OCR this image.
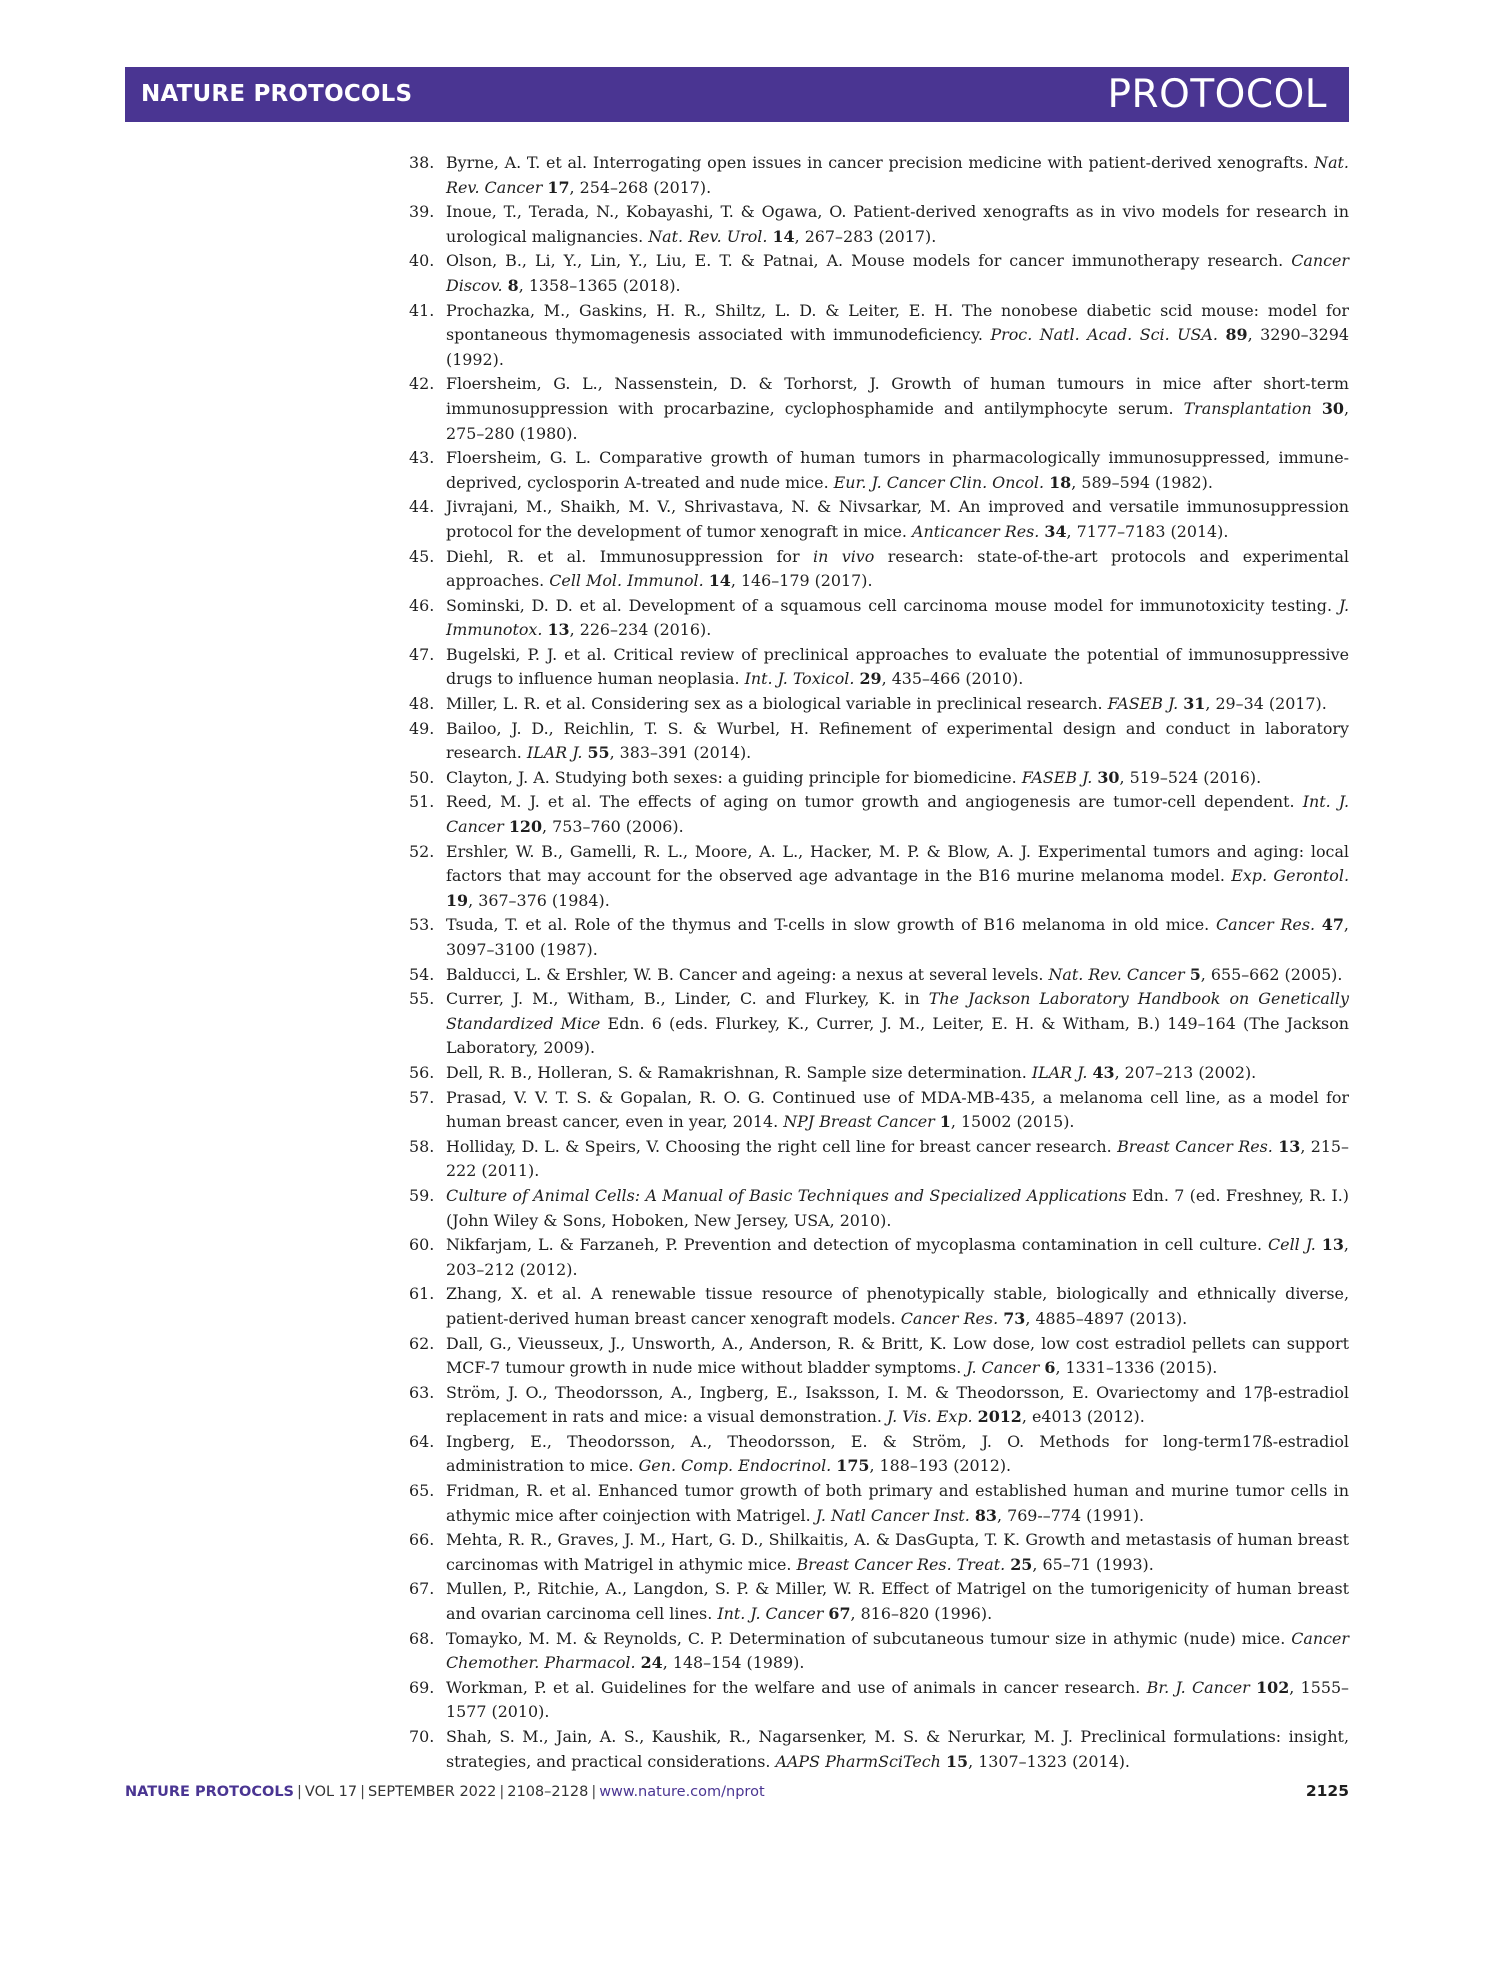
NATURE PROTOCOLS	PROTOCOL
38. Byrne, A. T. et al. Interrogating open issues in cancer precision medicine with patient-derived xenografts. Nat. Rev. Cancer 17, 254–268 (2017).
39. Inoue, T., Terada, N., Kobayashi, T. & Ogawa, O. Patient-derived xenografts as in vivo models for research in urological malignancies. Nat. Rev. Urol. 14, 267–283 (2017).
40. Olson, B., Li, Y., Lin, Y., Liu, E. T. & Patnai, A. Mouse models for cancer immunotherapy research. Cancer Discov. 8, 1358–1365 (2018).
41. Prochazka, M., Gaskins, H. R., Shiltz, L. D. & Leiter, E. H. The nonobese diabetic scid mouse: model for spontaneous thymomagenesis associated with immunodeficiency. Proc. Natl. Acad. Sci. USA. 89, 3290–3294 (1992).
42. Floersheim, G. L., Nassenstein, D. & Torhorst, J. Growth of human tumours in mice after short-term immunosuppression with procarbazine, cyclophosphamide and antilymphocyte serum. Transplantation 30, 275–280 (1980).
43. Floersheim, G. L. Comparative growth of human tumors in pharmacologically immunosuppressed, immune-deprived, cyclosporin A-treated and nude mice. Eur. J. Cancer Clin. Oncol. 18, 589–594 (1982).
44. Jivrajani, M., Shaikh, M. V., Shrivastava, N. & Nivsarkar, M. An improved and versatile immunosuppression protocol for the development of tumor xenograft in mice. Anticancer Res. 34, 7177–7183 (2014).
45. Diehl, R. et al. Immunosuppression for in vivo research: state-of-the-art protocols and experimental approaches. Cell Mol. Immunol. 14, 146–179 (2017).
46. Sominski, D. D. et al. Development of a squamous cell carcinoma mouse model for immunotoxicity testing. J. Immunotox. 13, 226–234 (2016).
47. Bugelski, P. J. et al. Critical review of preclinical approaches to evaluate the potential of immunosuppressive drugs to influence human neoplasia. Int. J. Toxicol. 29, 435–466 (2010).
48. Miller, L. R. et al. Considering sex as a biological variable in preclinical research. FASEB J. 31, 29–34 (2017).
49. Bailoo, J. D., Reichlin, T. S. & Wurbel, H. Refinement of experimental design and conduct in laboratory research. ILAR J. 55, 383–391 (2014).
50. Clayton, J. A. Studying both sexes: a guiding principle for biomedicine. FASEB J. 30, 519–524 (2016).
51. Reed, M. J. et al. The effects of aging on tumor growth and angiogenesis are tumor-cell dependent. Int. J. Cancer 120, 753–760 (2006).
52. Ershler, W. B., Gamelli, R. L., Moore, A. L., Hacker, M. P. & Blow, A. J. Experimental tumors and aging: local factors that may account for the observed age advantage in the B16 murine melanoma model. Exp. Gerontol. 19, 367–376 (1984).
53. Tsuda, T. et al. Role of the thymus and T-cells in slow growth of B16 melanoma in old mice. Cancer Res. 47, 3097–3100 (1987).
54. Balducci, L. & Ershler, W. B. Cancer and ageing: a nexus at several levels. Nat. Rev. Cancer 5, 655–662 (2005).
55. Currer, J. M., Witham, B., Linder, C. and Flurkey, K. in The Jackson Laboratory Handbook on Genetically Standardized Mice Edn. 6 (eds. Flurkey, K., Currer, J. M., Leiter, E. H. & Witham, B.) 149–164 (The Jackson Laboratory, 2009).
56. Dell, R. B., Holleran, S. & Ramakrishnan, R. Sample size determination. ILAR J. 43, 207–213 (2002).
57. Prasad, V. V. T. S. & Gopalan, R. O. G. Continued use of MDA-MB-435, a melanoma cell line, as a model for human breast cancer, even in year, 2014. NPJ Breast Cancer 1, 15002 (2015).
58. Holliday, D. L. & Speirs, V. Choosing the right cell line for breast cancer research. Breast Cancer Res. 13, 215–222 (2011).
59. Culture of Animal Cells: A Manual of Basic Techniques and Specialized Applications Edn. 7 (ed. Freshney, R. I.) (John Wiley & Sons, Hoboken, New Jersey, USA, 2010).
60. Nikfarjam, L. & Farzaneh, P. Prevention and detection of mycoplasma contamination in cell culture. Cell J. 13, 203–212 (2012).
61. Zhang, X. et al. A renewable tissue resource of phenotypically stable, biologically and ethnically diverse, patient-derived human breast cancer xenograft models. Cancer Res. 73, 4885–4897 (2013).
62. Dall, G., Vieusseux, J., Unsworth, A., Anderson, R. & Britt, K. Low dose, low cost estradiol pellets can support MCF-7 tumour growth in nude mice without bladder symptoms. J. Cancer 6, 1331–1336 (2015).
63. Ström, J. O., Theodorsson, A., Ingberg, E., Isaksson, I. M. & Theodorsson, E. Ovariectomy and 17β-estradiol replacement in rats and mice: a visual demonstration. J. Vis. Exp. 2012, e4013 (2012).
64. Ingberg, E., Theodorsson, A., Theodorsson, E. & Ström, J. O. Methods for long-term17ß-estradiol administration to mice. Gen. Comp. Endocrinol. 175, 188–193 (2012).
65. Fridman, R. et al. Enhanced tumor growth of both primary and established human and murine tumor cells in athymic mice after coinjection with Matrigel. J. Natl Cancer Inst. 83, 769-–774 (1991).
66. Mehta, R. R., Graves, J. M., Hart, G. D., Shilkaitis, A. & DasGupta, T. K. Growth and metastasis of human breast carcinomas with Matrigel in athymic mice. Breast Cancer Res. Treat. 25, 65–71 (1993).
67. Mullen, P., Ritchie, A., Langdon, S. P. & Miller, W. R. Effect of Matrigel on the tumorigenicity of human breast and ovarian carcinoma cell lines. Int. J. Cancer 67, 816–820 (1996).
68. Tomayko, M. M. & Reynolds, C. P. Determination of subcutaneous tumour size in athymic (nude) mice. Cancer Chemother. Pharmacol. 24, 148–154 (1989).
69. Workman, P. et al. Guidelines for the welfare and use of animals in cancer research. Br. J. Cancer 102, 1555–1577 (2010).
70. Shah, S. M., Jain, A. S., Kaushik, R., Nagarsenker, M. S. & Nerurkar, M. J. Preclinical formulations: insight, strategies, and practical considerations. AAPS PharmSciTech 15, 1307–1323 (2014).
NATURE PROTOCOLS | VOL 17 | SEPTEMBER 2022 | 2108–2128 | www.nature.com/nprot	2125
